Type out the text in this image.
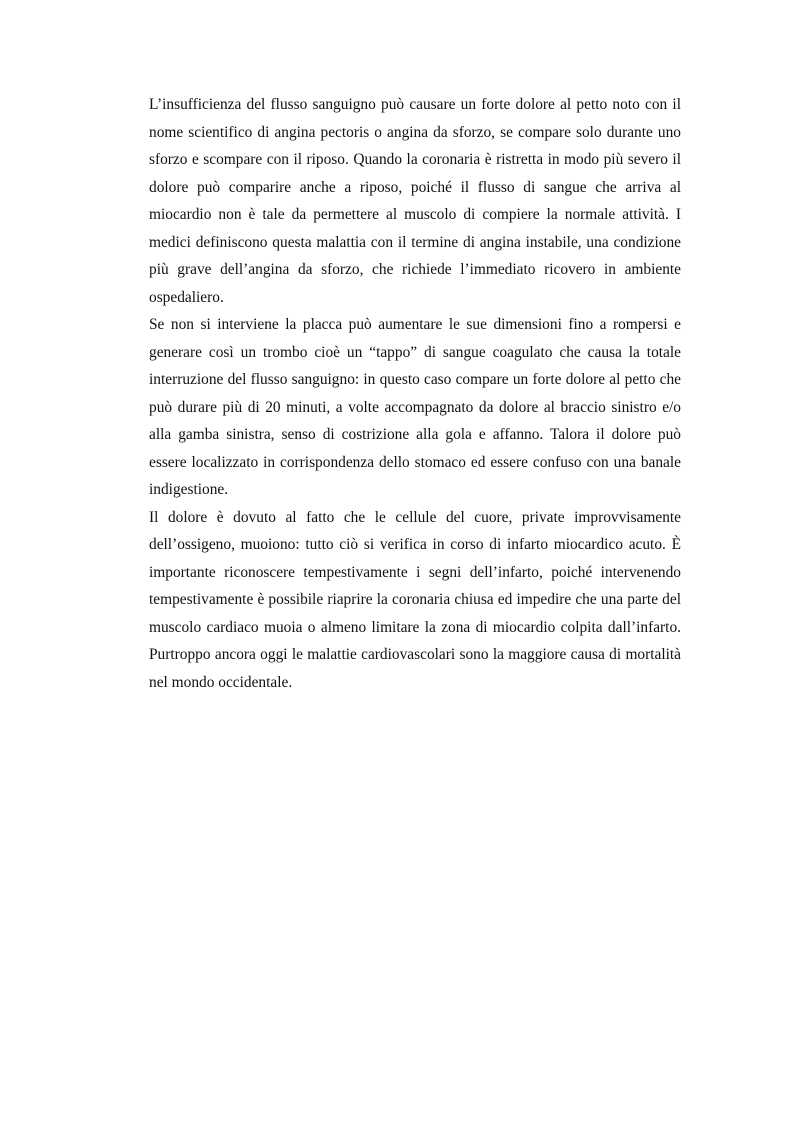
L’insufficienza del flusso sanguigno può causare un forte dolore al petto noto con il nome scientifico di angina pectoris o angina da sforzo, se compare solo durante uno sforzo e scompare con il riposo. Quando la coronaria è ristretta in modo più severo il dolore può comparire anche a riposo, poiché il flusso di sangue che arriva al miocardio non è tale da permettere al muscolo di compiere la normale attività. I medici definiscono questa malattia con il termine di angina instabile, una condizione più grave dell’angina da sforzo, che richiede l’immediato ricovero in ambiente ospedaliero.

Se non si interviene la placca può aumentare le sue dimensioni fino a rompersi e generare così un trombo cioè un “tappo” di sangue coagulato che causa la totale interruzione del flusso sanguigno: in questo caso compare un forte dolore al petto che può durare più di 20 minuti, a volte accompagnato da dolore al braccio sinistro e/o alla gamba sinistra, senso di costrizione alla gola e affanno. Talora il dolore può essere localizzato in corrispondenza dello stomaco ed essere confuso con una banale indigestione.

Il dolore è dovuto al fatto che le cellule del cuore, private improvvisamente dell’ossigeno, muoiono: tutto ciò si verifica in corso di infarto miocardico acuto. È importante riconoscere tempestivamente i segni dell’infarto, poiché intervenendo tempestivamente è possibile riaprire la coronaria chiusa ed impedire che una parte del muscolo cardiaco muoia o almeno limitare la zona di miocardio colpita dall’infarto. Purtroppo ancora oggi le malattie cardiovascolari sono la maggiore causa di mortalità nel mondo occidentale.
